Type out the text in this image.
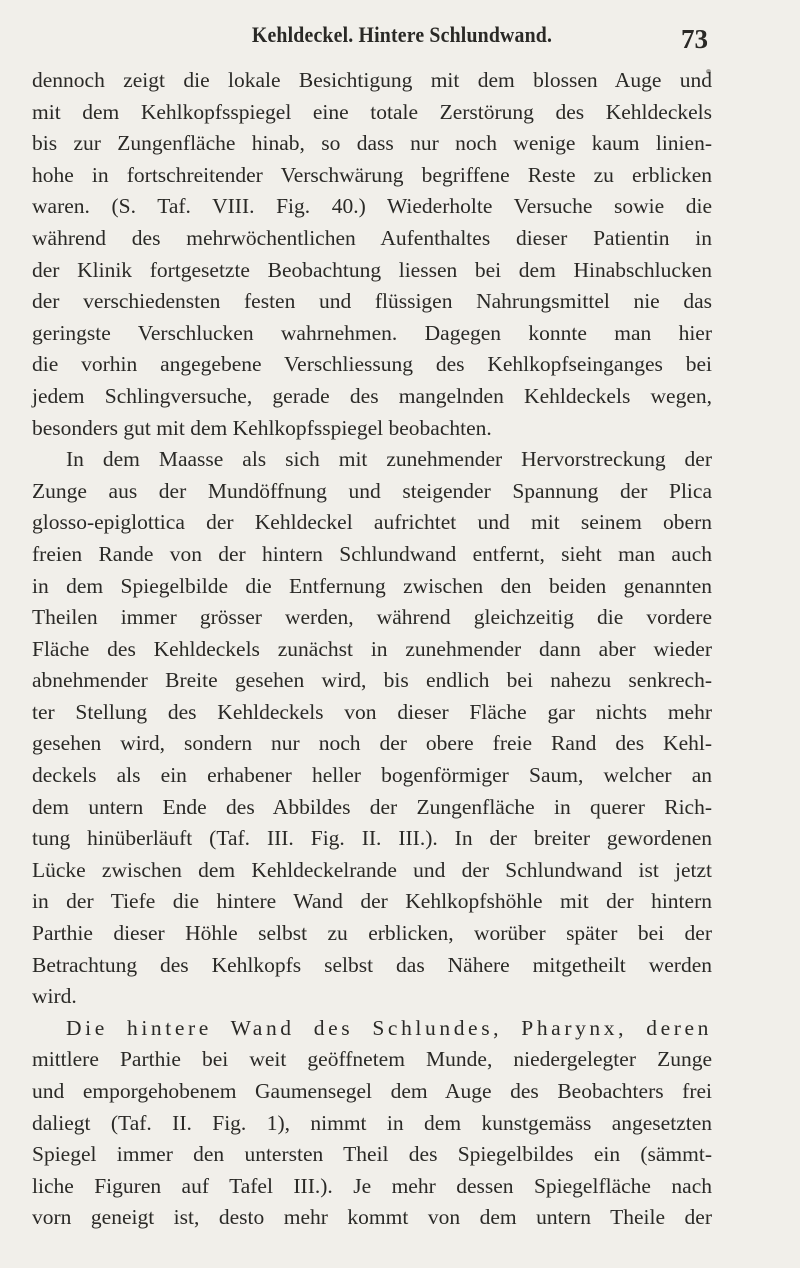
Kehldeckel. Hintere Schlundwand.	73
dennoch zeigt die lokale Besichtigung mit dem blossen Auge und
mit dem Kehlkopfsspiegel eine totale Zerstörung des Kehldeckels
bis zur Zungenfläche hinab, so dass nur noch wenige kaum linien-
hohe in fortschreitender Verschwärung begriffene Reste zu erblicken
waren. (S. Taf. VIII. Fig. 40.) Wiederholte Versuche sowie die
während des mehrwöchentlichen Aufenthaltes dieser Patientin in
der Klinik fortgesetzte Beobachtung liessen bei dem Hinabschlucken
der verschiedensten festen und flüssigen Nahrungsmittel nie das
geringste Verschlucken wahrnehmen. Dagegen konnte man hier
die vorhin angegebene Verschliessung des Kehlkopfseinganges bei
jedem Schlingversuche, gerade des mangelnden Kehldeckels wegen,
besonders gut mit dem Kehlkopfsspiegel beobachten.
In dem Maasse als sich mit zunehmender Hervorstreckung der
Zunge aus der Mundöffnung und steigender Spannung der Plica
glosso-epiglottica der Kehldeckel aufrichtet und mit seinem obern
freien Rande von der hintern Schlundwand entfernt, sieht man auch
in dem Spiegelbilde die Entfernung zwischen den beiden genannten
Theilen immer grösser werden, während gleichzeitig die vordere
Fläche des Kehldeckels zunächst in zunehmender dann aber wieder
abnehmender Breite gesehen wird, bis endlich bei nahezu senkrech-
ter Stellung des Kehldeckels von dieser Fläche gar nichts mehr
gesehen wird, sondern nur noch der obere freie Rand des Kehl-
deckels als ein erhabener heller bogenförmiger Saum, welcher an
dem untern Ende des Abbildes der Zungenfläche in querer Rich-
tung hinüberläuft (Taf. III. Fig. II. III.). In der breiter gewordenen
Lücke zwischen dem Kehldeckelrande und der Schlundwand ist jetzt
in der Tiefe die hintere Wand der Kehlkopfshöhle mit der hintern
Parthie dieser Höhle selbst zu erblicken, worüber später bei der
Betrachtung des Kehlkopfs selbst das Nähere mitgetheilt werden
wird.
Die hintere Wand des Schlundes, Pharynx, deren
mittlere Parthie bei weit geöffnetem Munde, niedergelegter Zunge
und emporgehobenem Gaumensegel dem Auge des Beobachters frei
daliegt (Taf. II. Fig. 1), nimmt in dem kunstgemäss angesetzten
Spiegel immer den untersten Theil des Spiegelbildes ein (sämmt-
liche Figuren auf Tafel III.). Je mehr dessen Spiegelfläche nach
vorn geneigt ist, desto mehr kommt von dem untern Theile der
